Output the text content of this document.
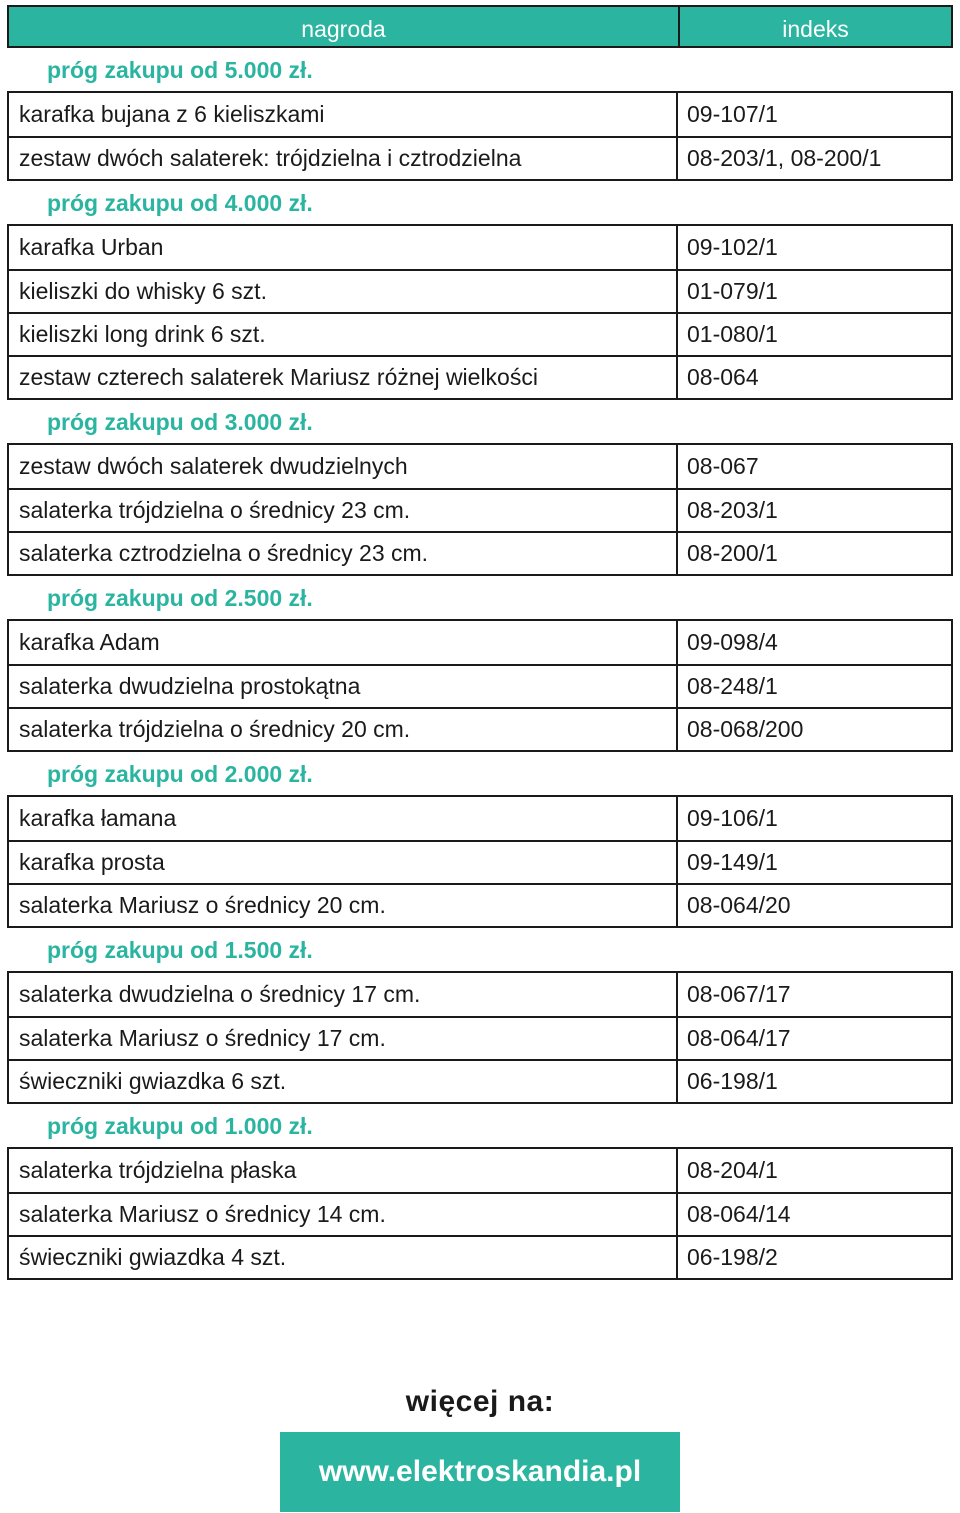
nagroda	indeks
próg zakupu od 5.000 zł.
karafka bujana z 6 kieliszkami	09-107/1
zestaw dwóch salaterek: trójdzielna i cztrodzielna	08-203/1, 08-200/1
próg zakupu od 4.000 zł.
karafka Urban	09-102/1
kieliszki do whisky 6 szt.	01-079/1
kieliszki long drink 6 szt.	01-080/1
zestaw czterech salaterek Mariusz różnej wielkości	08-064
próg zakupu od 3.000 zł.
zestaw dwóch salaterek dwudzielnych	08-067
salaterka trójdzielna o średnicy 23 cm.	08-203/1
salaterka cztrodzielna o średnicy 23 cm.	08-200/1
próg zakupu od 2.500 zł.
karafka Adam	09-098/4
salaterka dwudzielna prostokątna	08-248/1
salaterka trójdzielna o średnicy 20 cm.	08-068/200
próg zakupu od 2.000 zł.
karafka łamana	09-106/1
karafka prosta	09-149/1
salaterka Mariusz o średnicy 20 cm.	08-064/20
próg zakupu od 1.500 zł.
salaterka dwudzielna o średnicy 17 cm.	08-067/17
salaterka Mariusz o średnicy 17 cm.	08-064/17
świeczniki gwiazdka 6 szt.	06-198/1
próg zakupu od 1.000 zł.
salaterka trójdzielna płaska	08-204/1
salaterka Mariusz o średnicy 14 cm.	08-064/14
świeczniki gwiazdka 4 szt.	06-198/2
więcej na:
www.elektroskandia.pl
